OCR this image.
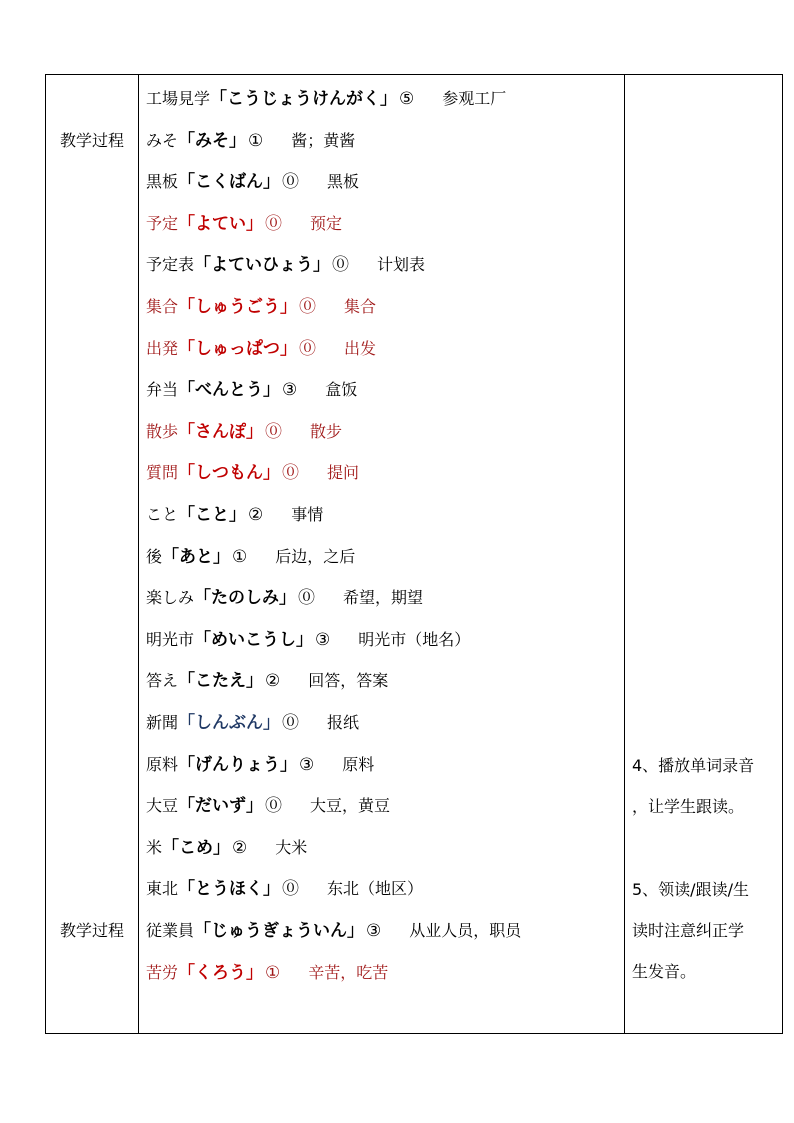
教学过程
教学过程
工場見学 「こうじょうけんがく」 ⑤ 参观工厂
みそ 「みそ」 ① 酱；黄酱
黒板 「こくばん」 ⓪ 黑板
予定 「よてい」 ⓪ 预定
予定表 「よていひょう」 ⓪ 计划表
集合 「しゅうごう」 ⓪ 集合
出発 「しゅっぱつ」 ⓪ 出发
弁当 「べんとう」 ③ 盒饭
散歩 「さんぽ」 ⓪ 散步
質問 「しつもん」 ⓪ 提问
こと 「こと」 ② 事情
後 「あと」 ① 后边，之后
楽しみ 「たのしみ」 ⓪ 希望，期望
明光市 「めいこうし」 ③ 明光市（地名）
答え 「こたえ」 ② 回答，答案
新聞 「しんぶん」 ⓪ 报纸
原料 「げんりょう」 ③ 原料
大豆 「だいず」 ⓪ 大豆，黄豆
米 「こめ」 ② 大米
東北 「とうほく」 ⓪ 东北（地区）
従業員 「じゅうぎょういん」 ③ 从业人员，职员
苦労 「くろう」 ① 辛苦，吃苦
4、播放单词录音
，让学生跟读。
5、领读/跟读/生
读时注意纠正学
生发音。
